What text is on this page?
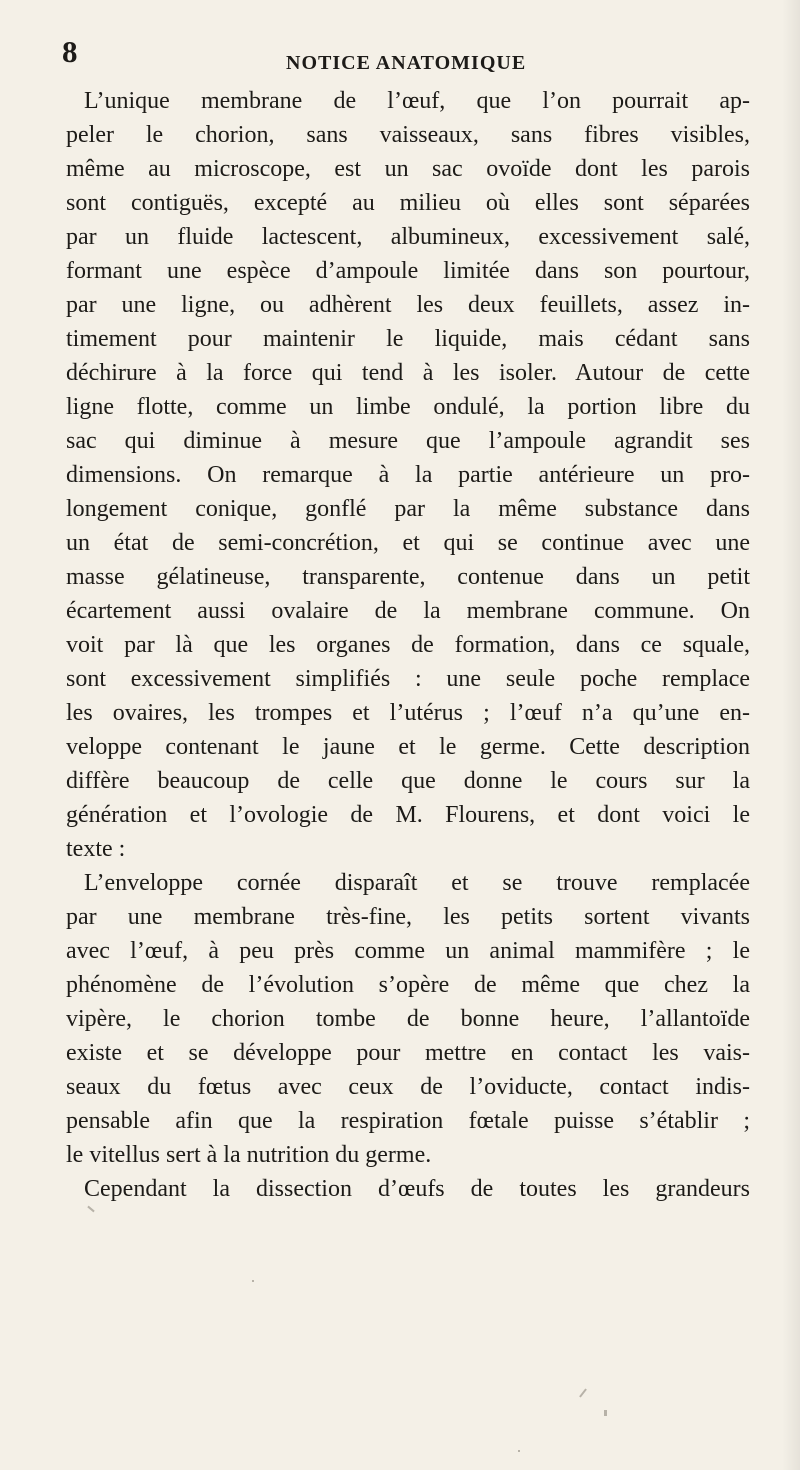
8	NOTICE ANATOMIQUE
L’unique membrane de l’œuf, que l’on pourrait ap-
peler le chorion, sans vaisseaux, sans fibres visibles,
même au microscope, est un sac ovoïde dont les parois
sont contiguës, excepté au milieu où elles sont séparées
par un fluide lactescent, albumineux, excessivement salé,
formant une espèce d’ampoule limitée dans son pourtour,
par une ligne, ou adhèrent les deux feuillets, assez in-
timement pour maintenir le liquide, mais cédant sans
déchirure à la force qui tend à les isoler. Autour de cette
ligne flotte, comme un limbe ondulé, la portion libre du
sac qui diminue à mesure que l’ampoule agrandit ses
dimensions. On remarque à la partie antérieure un pro-
longement conique, gonflé par la même substance dans
un état de semi-concrétion, et qui se continue avec une
masse gélatineuse, transparente, contenue dans un petit
écartement aussi ovalaire de la membrane commune. On
voit par là que les organes de formation, dans ce squale,
sont excessivement simplifiés : une seule poche remplace
les ovaires, les trompes et l’utérus ; l’œuf n’a qu’une en-
veloppe contenant le jaune et le germe. Cette description
diffère beaucoup de celle que donne le cours sur la
génération et l’ovologie de M. Flourens, et dont voici le
texte :
L’enveloppe cornée disparaît et se trouve remplacée
par une membrane très-fine, les petits sortent vivants
avec l’œuf, à peu près comme un animal mammifère ; le
phénomène de l’évolution s’opère de même que chez la
vipère, le chorion tombe de bonne heure, l’allantoïde
existe et se développe pour mettre en contact les vais-
seaux du fœtus avec ceux de l’oviducte, contact indis-
pensable afin que la respiration fœtale puisse s’établir ;
le vitellus sert à la nutrition du germe.
Cependant la dissection d’œufs de toutes les grandeurs
